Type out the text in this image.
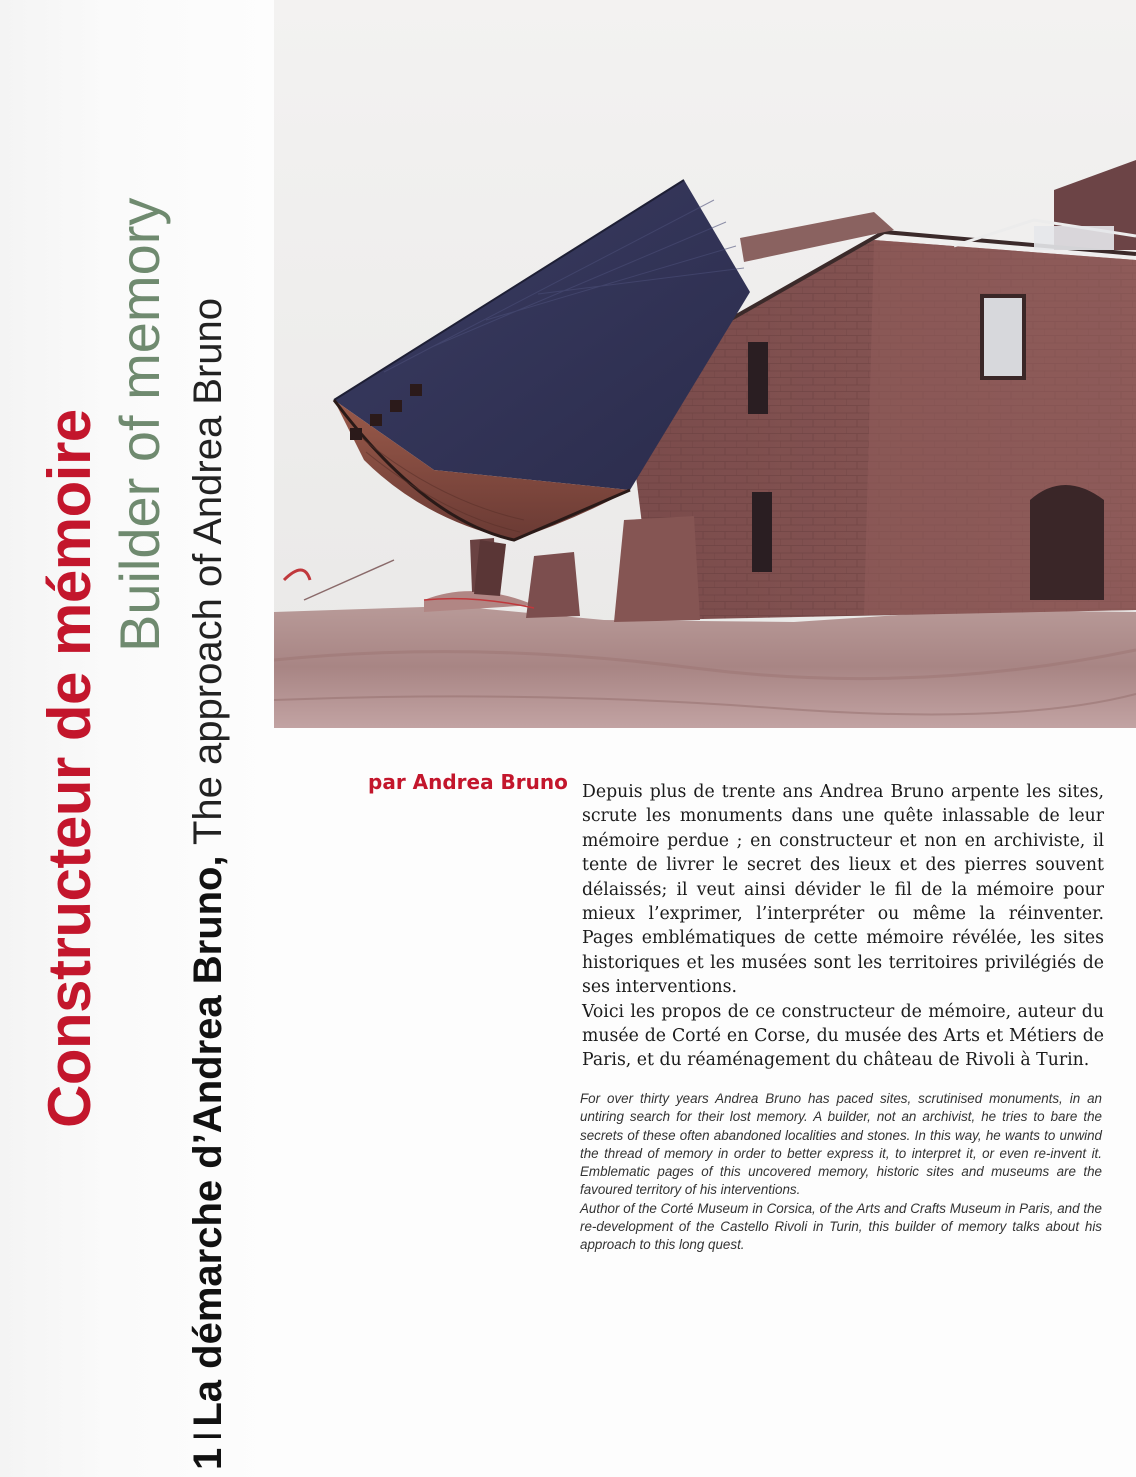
Constructeur de mémoire Builder of memory
1ILa démarche d’Andrea Bruno, The approach of Andrea Bruno	par Andrea Bruno Depuis plus de trente ans Andrea Bruno arpente les sites, scrute les monuments dans une quête inlassable de leur mémoire perdue ; en constructeur et non en archiviste, il tente de livrer le secret des lieux et des pierres souvent délaissés; il veut ainsi dévider le fil de la mémoire pour mieux l’exprimer, l’interpréter ou même la réinventer. Pages emblématiques de cette mémoire révélée, les sites historiques et les musées sont les territoires privilégiés de ses interventions.

Voici les propos de ce constructeur de mémoire, auteur du musée de Corté en Corse, du musée des Arts et Métiers de Paris, et du réaménagement du château de Rivoli à Turin.

For over thirty years Andrea Bruno has paced sites, scrutinised monuments, in an untiring search for their lost memory. A builder, not an archivist, he tries to bare the secrets of these often abandoned localities and stones. In this way, he wants to unwind the thread of memory in order to better express it, to interpret it, or even re-invent it. Emblematic pages of this uncovered memory, historic sites and museums are the favoured territory of his interventions.

Author of the Corté Museum in Corsica, of the Arts and Crafts Museum in Paris, and the re-development of the Castello Rivoli in Turin, this builder of memory talks about his approach to this long quest.
